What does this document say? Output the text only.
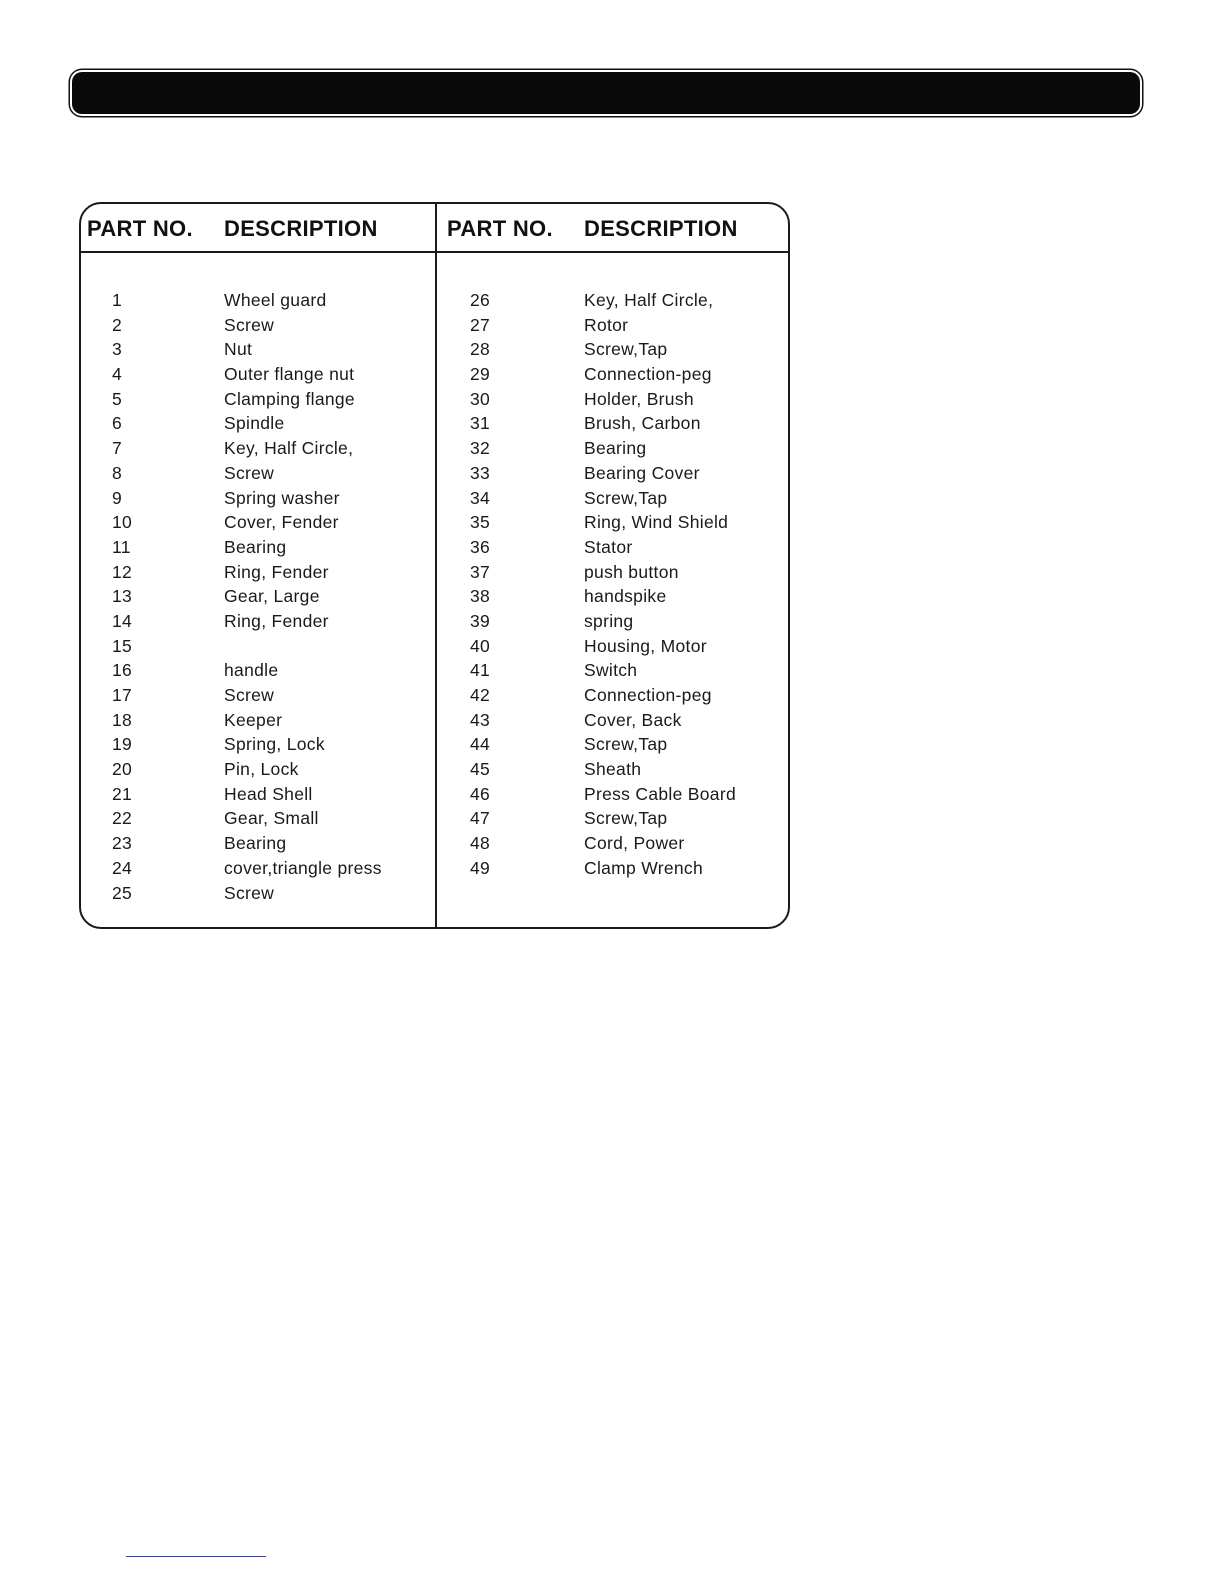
PART NO. DESCRIPTION	PART NO. DESCRIPTION
1	Wheel guard
2	Screw
3	Nut
4	Outer flange nut
5	Clamping flange
6	Spindle
7	Key, Half Circle,
8	Screw
9	Spring washer
10	Cover, Fender
11	Bearing
12	Ring, Fender
13	Gear, Large
14	Ring, Fender
15
16	handle
17	Screw
18	Keeper
19	Spring, Lock
20	Pin, Lock
21	Head Shell
22	Gear, Small
23	Bearing
24	cover,triangle press
25	Screw
26	Key, Half Circle,
27	Rotor
28	Screw,Tap
29	Connection-peg
30	Holder, Brush
31	Brush, Carbon
32	Bearing
33	Bearing Cover
34	Screw,Tap
35	Ring, Wind Shield
36	Stator
37	push button
38	handspike
39	spring
40	Housing, Motor
41	Switch
42	Connection-peg
43	Cover, Back
44	Screw,Tap
45	Sheath
46	Press Cable Board
47	Screw,Tap
48	Cord, Power
49	Clamp Wrench
